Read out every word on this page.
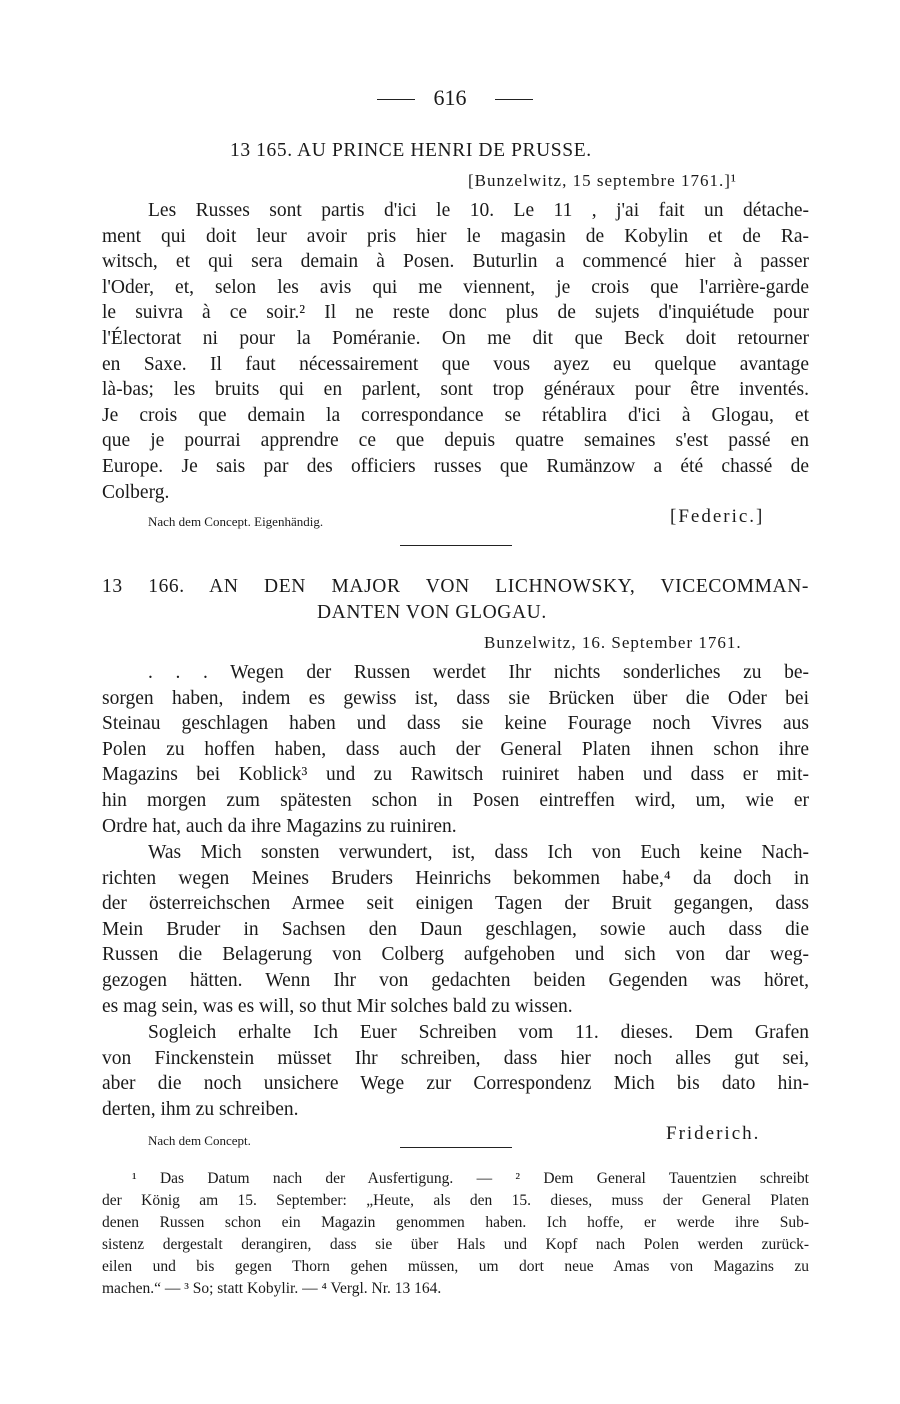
616
13 165. AU PRINCE HENRI DE PRUSSE.
[Bunzelwitz, 15 septembre 1761.]¹
Les Russes sont partis d'ici le 10. Le 11 , j'ai fait un détache-
ment qui doit leur avoir pris hier le magasin de Kobylin et de Ra-
witsch, et qui sera demain à Posen. Buturlin a commencé hier à passer
l'Oder, et, selon les avis qui me viennent, je crois que l'arrière-garde
le suivra à ce soir.² Il ne reste donc plus de sujets d'inquiétude pour
l'Électorat ni pour la Poméranie. On me dit que Beck doit retourner
en Saxe. Il faut nécessairement que vous ayez eu quelque avantage
là-bas; les bruits qui en parlent, sont trop généraux pour être inventés.
Je crois que demain la correspondance se rétablira d'ici à Glogau, et
que je pourrai apprendre ce que depuis quatre semaines s'est passé en
Europe. Je sais par des officiers russes que Rumänzow a été chassé de
Colberg.
Nach dem Concept. Eigenhändig.	[Federic.]
13 166. AN DEN MAJOR VON LICHNOWSKY, VICECOMMAN-
DANTEN VON GLOGAU.
Bunzelwitz, 16. September 1761.
. . . Wegen der Russen werdet Ihr nichts sonderliches zu be-
sorgen haben, indem es gewiss ist, dass sie Brücken über die Oder bei
Steinau geschlagen haben und dass sie keine Fourage noch Vivres aus
Polen zu hoffen haben, dass auch der General Platen ihnen schon ihre
Magazins bei Koblick³ und zu Rawitsch ruiniret haben und dass er mit-
hin morgen zum spätesten schon in Posen eintreffen wird, um, wie er
Ordre hat, auch da ihre Magazins zu ruiniren.
Was Mich sonsten verwundert, ist, dass Ich von Euch keine Nach-
richten wegen Meines Bruders Heinrichs bekommen habe,⁴ da doch in
der österreichschen Armee seit einigen Tagen der Bruit gegangen, dass
Mein Bruder in Sachsen den Daun geschlagen, sowie auch dass die
Russen die Belagerung von Colberg aufgehoben und sich von dar weg-
gezogen hätten. Wenn Ihr von gedachten beiden Gegenden was höret,
es mag sein, was es will, so thut Mir solches bald zu wissen.
Sogleich erhalte Ich Euer Schreiben vom 11. dieses. Dem Grafen
von Finckenstein müsset Ihr schreiben, dass hier noch alles gut sei,
aber die noch unsichere Wege zur Correspondenz Mich bis dato hin-
derten, ihm zu schreiben.
Nach dem Concept.	Friderich.
¹ Das Datum nach der Ausfertigung. — ² Dem General Tauentzien schreibt
der König am 15. September: „Heute, als den 15. dieses, muss der General Platen
denen Russen schon ein Magazin genommen haben. Ich hoffe, er werde ihre Sub-
sistenz dergestalt derangiren, dass sie über Hals und Kopf nach Polen werden zurück-
eilen und bis gegen Thorn gehen müssen, um dort neue Amas von Magazins zu
machen.“ — ³ So; statt Kobylir. — ⁴ Vergl. Nr. 13 164.
